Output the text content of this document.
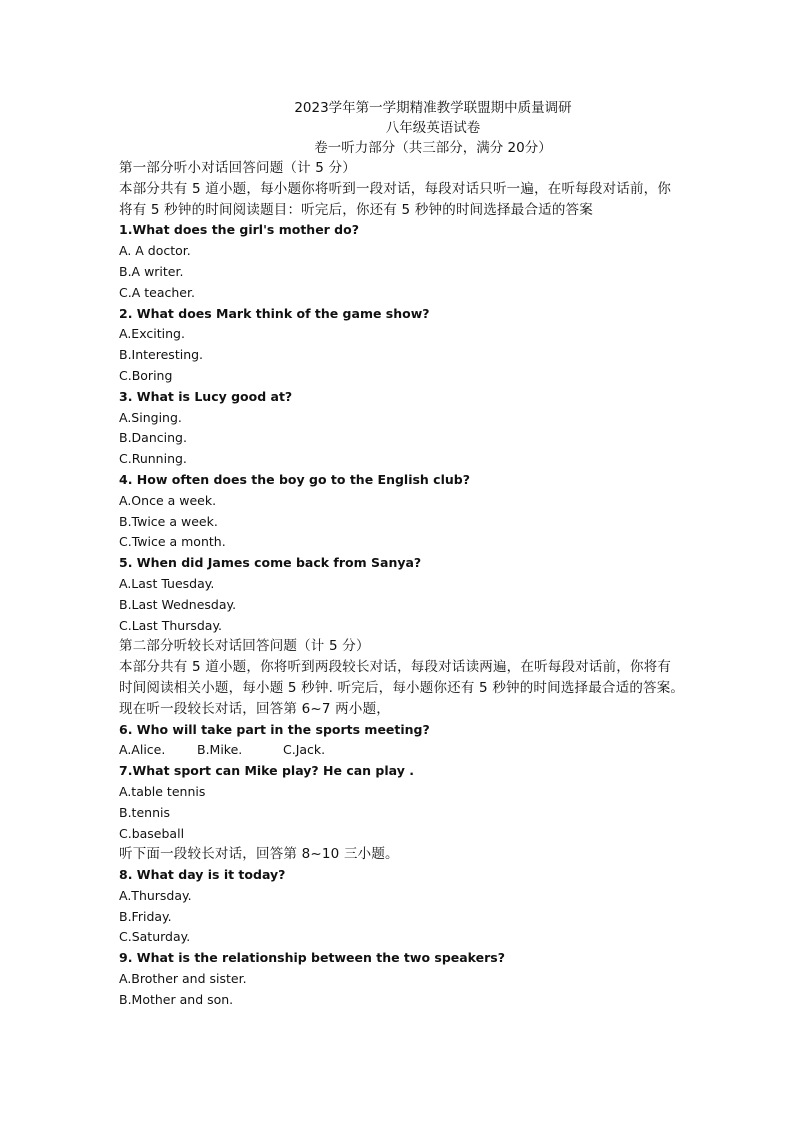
2023学年第一学期精准教学联盟期中质量调研
八年级英语试卷
卷一听力部分（共三部分，满分 20分）
第一部分听小对话回答问题（计 5 分）
本部分共有 5 道小题，每小题你将听到一段对话，每段对话只听一遍，在听每段对话前，你
将有 5 秒钟的时间阅读题目：听完后，你还有 5 秒钟的时间选择最合适的答案
1.What does the girl's mother do?
A. A doctor.
B.A writer.
C.A teacher.
2. What does Mark think of the game show?
A.Exciting.
B.Interesting.
C.Boring
3. What is Lucy good at?
A.Singing.
B.Dancing.
C.Running.
4. How often does the boy go to the English club?
A.Once a week.
B.Twice a week.
C.Twice a month.
5. When did James come back from Sanya?
A.Last Tuesday.
B.Last Wednesday.
C.Last Thursday.
第二部分听较长对话回答问题（计 5 分）
本部分共有 5 道小题，你将听到两段较长对话，每段对话读两遍，在听每段对话前，你将有
时间阅读相关小题，每小题 5 秒钟. 听完后，每小题你还有 5 秒钟的时间选择最合适的答案。
现在听一段较长对话，回答第 6~7 两小题，
6. Who will take part in the sports meeting?
A.Alice.	B.Mike.	C.Jack.
7.What sport can Mike play? He can play .
A.table tennis
B.tennis
C.baseball
听下面一段较长对话，回答第 8~10 三小题。
8. What day is it today?
A.Thursday.
B.Friday.
C.Saturday.
9. What is the relationship between the two speakers?
A.Brother and sister.
B.Mother and son.
